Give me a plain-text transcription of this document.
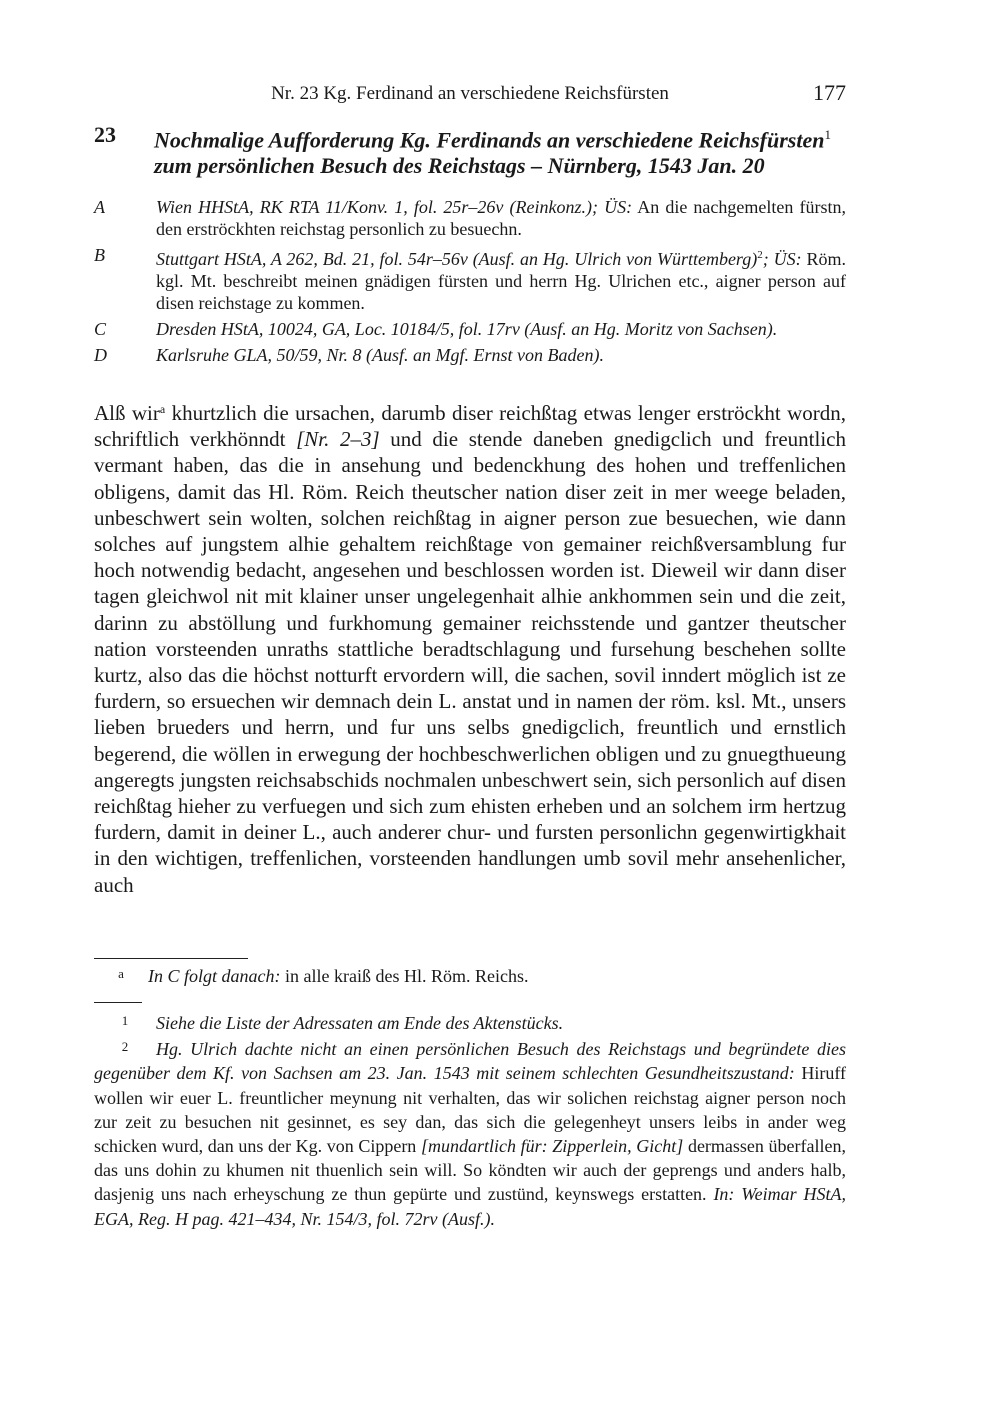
Nr. 23 Kg. Ferdinand an verschiedene Reichsfürsten	177
23 Nochmalige Aufforderung Kg. Ferdinands an verschiedene Reichsfürsten$^1$
zum persönlichen Besuch des Reichstags – Nürnberg, 1543 Jan. 20
A	Wien HHStA, RK RTA 11/Konv. 1, fol. 25r–26v (Reinkonz.); ÜS: An die nachgemelten fürstn, den erströckhten reichstag personlich zu besuechn.
B	Stuttgart HStA, A 262, Bd. 21, fol. 54r–56v (Ausf. an Hg. Ulrich von Württemberg)$^2$; ÜS: Röm. kgl. Mt. beschreibt meinen gnädigen fürsten und herrn Hg. Ulrichen etc., aigner person auf disen reichstage zu kommen.
C	Dresden HStA, 10024, GA, Loc. 10184/5, fol. 17rv (Ausf. an Hg. Moritz von Sachsen).
D	Karlsruhe GLA, 50/59, Nr. 8 (Ausf. an Mgf. Ernst von Baden).
Alß wir$^a$ khurtzlich die ursachen, darumb diser reichßtag etwas lenger erströckht wordn, schriftlich verkhönndt [Nr. 2–3] und die stende daneben gnedigclich und freuntlich vermant haben, das die in ansehung und bedenckhung des hohen und treffenlichen obligens, damit das Hl. Röm. Reich theutscher nation diser zeit in mer weege beladen, unbeschwert sein wolten, solchen reichßtag in aigner person zue besuechen, wie dann solches auf jungstem alhie gehaltem reichßtage von gemainer reichßversamblung fur hoch notwendig bedacht, angesehen und beschlossen worden ist. Dieweil wir dann diser tagen gleichwol nit mit klainer unser ungelegenhait alhie ankhommen sein und die zeit, darinn zu abstöllung und furkhomung gemainer reichsstende und gantzer theutscher nation vorsteenden unraths stattliche beradtschlagung und fursehung beschehen sollte kurtz, also das die höchst notturft ervordern will, die sachen, sovil inndert möglich ist ze furdern, so ersuechen wir demnach dein L. anstat und in namen der röm. ksl. Mt., unsers lieben brueders und herrn, und fur uns selbs gnedigclich, freuntlich und ernstlich begerend, die wöllen in erwegung der hochbeschwerlichen obligen und zu gnuegthueung angeregts jungsten reichsabschids nochmalen unbeschwert sein, sich personlich auf disen reichßtag hieher zu verfuegen und sich zum ehisten erheben und an solchem irm hertzug furdern, damit in deiner L., auch anderer chur- und fursten personlichn gegenwirtigkhait in den wichtigen, treffenlichen, vorsteenden handlungen umb sovil mehr ansehenlicher, auch
a In C folgt danach: in alle kraiß des Hl. Röm. Reichs.
1 Siehe die Liste der Adressaten am Ende des Aktenstücks.
2 Hg. Ulrich dachte nicht an einen persönlichen Besuch des Reichstags und begründete dies gegenüber dem Kf. von Sachsen am 23. Jan. 1543 mit seinem schlechten Gesundheitszustand: Hiruff wollen wir euer L. freuntlicher meynung nit verhalten, das wir solichen reichstag aigner person noch zur zeit zu besuchen nit gesinnet, es sey dan, das sich die gelegenheyt unsers leibs in ander weg schicken wurd, dan uns der Kg. von Cippern [mundartlich für: Zipperlein, Gicht] dermassen überfallen, das uns dohin zu khumen nit thuenlich sein will. So köndten wir auch der geprengs und anders halb, dasjenig uns nach erheyschung ze thun gepürte und zustünd, keynswegs erstatten. In: Weimar HStA, EGA, Reg. H pag. 421–434, Nr. 154/3, fol. 72rv (Ausf.).
